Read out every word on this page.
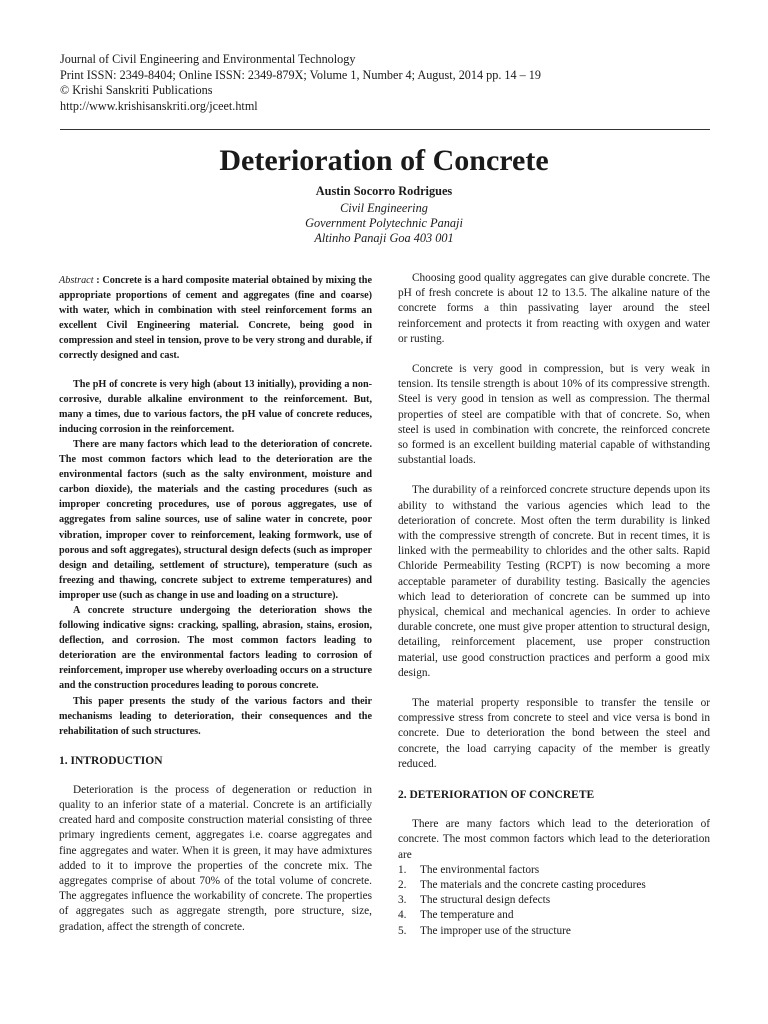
Journal of Civil Engineering and Environmental Technology
Print ISSN: 2349-8404; Online ISSN: 2349-879X; Volume 1, Number 4; August, 2014 pp. 14 – 19
© Krishi Sanskriti Publications
http://www.krishisanskriti.org/jceet.html
Deterioration of Concrete
Austin Socorro Rodrigues
Civil Engineering
Government Polytechnic Panaji
Altinho Panaji Goa 403 001

Abstract : Concrete is a hard composite material obtained by mixing the appropriate proportions of cement and aggregates (fine and coarse) with water, which in combination with steel reinforcement forms an excellent Civil Engineering material. Concrete, being good in compression and steel in tension, prove to be very strong and durable, if correctly designed and cast.

The pH of concrete is very high (about 13 initially), providing a non-corrosive, durable alkaline environment to the reinforcement. But, many a times, due to various factors, the pH value of concrete reduces, inducing corrosion in the reinforcement.

There are many factors which lead to the deterioration of concrete. The most common factors which lead to the deterioration are the environmental factors (such as the salty environment, moisture and carbon dioxide), the materials and the casting procedures (such as improper concreting procedures, use of porous aggregates, use of aggregates from saline sources, use of saline water in concrete, poor vibration, improper cover to reinforcement, leaking formwork, use of porous and soft aggregates), structural design defects (such as improper design and detailing, settlement of structure), temperature (such as freezing and thawing, concrete subject to extreme temperatures) and improper use (such as change in use and loading on a structure).

A concrete structure undergoing the deterioration shows the following indicative signs: cracking, spalling, abrasion, stains, erosion, deflection, and corrosion. The most common factors leading to deterioration are the environmental factors leading to corrosion of reinforcement, improper use whereby overloading occurs on a structure and the construction procedures leading to porous concrete.

This paper presents the study of the various factors and their mechanisms leading to deterioration, their consequences and the rehabilitation of such structures.

1. INTRODUCTION

Deterioration is the process of degeneration or reduction in quality to an inferior state of a material. Concrete is an artificially created hard and composite construction material consisting of three primary ingredients cement, aggregates i.e. coarse aggregates and fine aggregates and water. When it is green, it may have admixtures added to it to improve the properties of the concrete mix. The aggregates comprise of about 70% of the total volume of concrete. The aggregates influence the workability of concrete. The properties of aggregates such as aggregate strength, pore structure, size, gradation, affect the strength of concrete.

Choosing good quality aggregates can give durable concrete. The pH of fresh concrete is about 12 to 13.5. The alkaline nature of the concrete forms a thin passivating layer around the steel reinforcement and protects it from reacting with oxygen and water or rusting.

Concrete is very good in compression, but is very weak in tension. Its tensile strength is about 10% of its compressive strength. Steel is very good in tension as well as compression. The thermal properties of steel are compatible with that of concrete. So, when steel is used in combination with concrete, the reinforced concrete so formed is an excellent building material capable of withstanding substantial loads.

The durability of a reinforced concrete structure depends upon its ability to withstand the various agencies which lead to the deterioration of concrete. Most often the term durability is linked with the compressive strength of concrete. But in recent times, it is linked with the permeability to chlorides and the other salts. Rapid Chloride Permeability Testing (RCPT) is now becoming a more acceptable parameter of durability testing. Basically the agencies which lead to deterioration of concrete can be summed up into physical, chemical and mechanical agencies. In order to achieve durable concrete, one must give proper attention to structural design, detailing, reinforcement placement, use proper construction material, use good construction practices and perform a good mix design.

The material property responsible to transfer the tensile or compressive stress from concrete to steel and vice versa is bond in concrete. Due to deterioration the bond between the steel and concrete, the load carrying capacity of the member is greatly reduced.

2. DETERIORATION OF CONCRETE

There are many factors which lead to the deterioration of concrete. The most common factors which lead to the deterioration are

1.	The environmental factors
2.	The materials and the concrete casting procedures
3.	The structural design defects
4.	The temperature and
5.	The improper use of the structure
